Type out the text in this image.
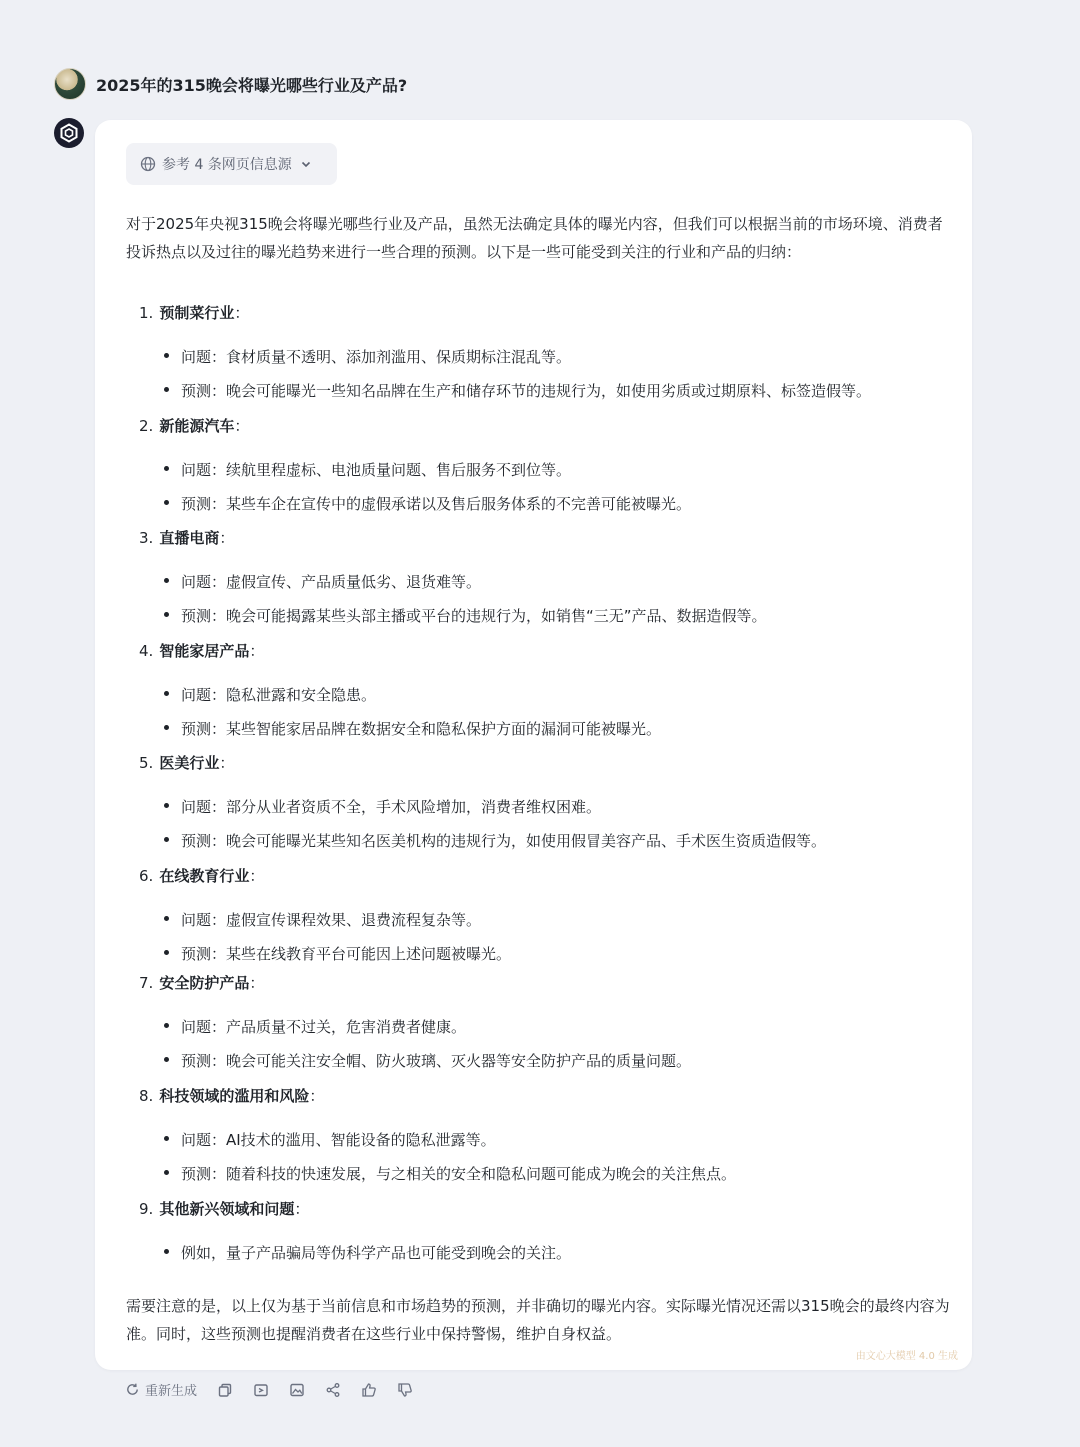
2025年的315晚会将曝光哪些行业及产品?
参考 4 条网页信息源
对于2025年央视315晚会将曝光哪些行业及产品，虽然无法确定具体的曝光内容，但我们可以根据当前的市场环境、消费者投诉热点以及过往的曝光趋势来进行一些合理的预测。以下是一些可能受到关注的行业和产品的归纳：
1. 预制菜行业：
问题：食材质量不透明、添加剂滥用、保质期标注混乱等。
预测：晚会可能曝光一些知名品牌在生产和储存环节的违规行为，如使用劣质或过期原料、标签造假等。
2. 新能源汽车：
问题：续航里程虚标、电池质量问题、售后服务不到位等。
预测：某些车企在宣传中的虚假承诺以及售后服务体系的不完善可能被曝光。
3. 直播电商：
问题：虚假宣传、产品质量低劣、退货难等。
预测：晚会可能揭露某些头部主播或平台的违规行为，如销售“三无”产品、数据造假等。
4. 智能家居产品：
问题：隐私泄露和安全隐患。
预测：某些智能家居品牌在数据安全和隐私保护方面的漏洞可能被曝光。
5. 医美行业：
问题：部分从业者资质不全，手术风险增加，消费者维权困难。
预测：晚会可能曝光某些知名医美机构的违规行为，如使用假冒美容产品、手术医生资质造假等。
6. 在线教育行业：
问题：虚假宣传课程效果、退费流程复杂等。
预测：某些在线教育平台可能因上述问题被曝光。
7. 安全防护产品：
问题：产品质量不过关，危害消费者健康。
预测：晚会可能关注安全帽、防火玻璃、灭火器等安全防护产品的质量问题。
8. 科技领域的滥用和风险：
问题：AI技术的滥用、智能设备的隐私泄露等。
预测：随着科技的快速发展，与之相关的安全和隐私问题可能成为晚会的关注焦点。
9. 其他新兴领域和问题：
例如，量子产品骗局等伪科学产品也可能受到晚会的关注。
需要注意的是，以上仅为基于当前信息和市场趋势的预测，并非确切的曝光内容。实际曝光情况还需以315晚会的最终内容为准。同时，这些预测也提醒消费者在这些行业中保持警惕，维护自身权益。
由文心大模型 4.0 生成
重新生成
